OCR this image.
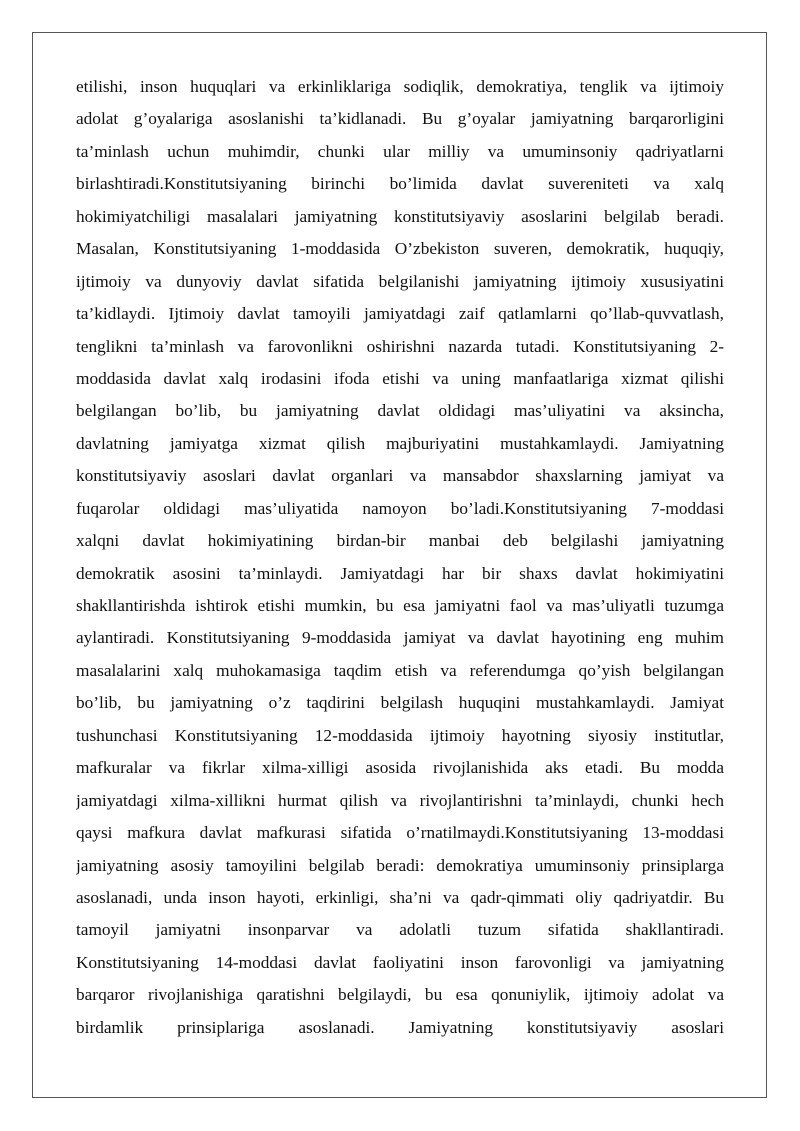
etilishi, inson huquqlari va erkinliklariga sodiqlik, demokratiya, tenglik va ijtimoiy
adolat g’oyalariga asoslanishi ta’kidlanadi. Bu g’oyalar jamiyatning barqarorligini
ta’minlash uchun muhimdir, chunki ular milliy va umuminsoniy qadriyatlarni
birlashtiradi.Konstitutsiyaning birinchi bo’limida davlat suvereniteti va xalq
hokimiyatchiligi masalalari jamiyatning konstitutsiyaviy asoslarini belgilab beradi.
Masalan, Konstitutsiyaning 1-moddasida O’zbekiston suveren, demokratik, huquqiy,
ijtimoiy va dunyoviy davlat sifatida belgilanishi jamiyatning ijtimoiy xususiyatini
ta’kidlaydi. Ijtimoiy davlat tamoyili jamiyatdagi zaif qatlamlarni qo’llab-quvvatlash,
tenglikni ta’minlash va farovonlikni oshirishni nazarda tutadi. Konstitutsiyaning 2-
moddasida davlat xalq irodasini ifoda etishi va uning manfaatlariga xizmat qilishi
belgilangan bo’lib, bu jamiyatning davlat oldidagi mas’uliyatini va aksincha,
davlatning jamiyatga xizmat qilish majburiyatini mustahkamlaydi. Jamiyatning
konstitutsiyaviy asoslari davlat organlari va mansabdor shaxslarning jamiyat va
fuqarolar oldidagi mas’uliyatida namoyon bo’ladi.Konstitutsiyaning 7-moddasi
xalqni davlat hokimiyatining birdan-bir manbai deb belgilashi jamiyatning
demokratik asosini ta’minlaydi. Jamiyatdagi har bir shaxs davlat hokimiyatini
shakllantirishda ishtirok etishi mumkin, bu esa jamiyatni faol va mas’uliyatli tuzumga
aylantiradi. Konstitutsiyaning 9-moddasida jamiyat va davlat hayotining eng muhim
masalalarini xalq muhokamasiga taqdim etish va referendumga qo’yish belgilangan
bo’lib, bu jamiyatning o’z taqdirini belgilash huquqini mustahkamlaydi. Jamiyat
tushunchasi Konstitutsiyaning 12-moddasida ijtimoiy hayotning siyosiy institutlar,
mafkuralar va fikrlar xilma-xilligi asosida rivojlanishida aks etadi. Bu modda
jamiyatdagi xilma-xillikni hurmat qilish va rivojlantirishni ta’minlaydi, chunki hech
qaysi mafkura davlat mafkurasi sifatida o’rnatilmaydi.Konstitutsiyaning 13-moddasi
jamiyatning asosiy tamoyilini belgilab beradi: demokratiya umuminsoniy prinsiplarga
asoslanadi, unda inson hayoti, erkinligi, sha’ni va qadr-qimmati oliy qadriyatdir. Bu
tamoyil jamiyatni insonparvar va adolatli tuzum sifatida shakllantiradi.
Konstitutsiyaning 14-moddasi davlat faoliyatini inson farovonligi va jamiyatning
barqaror rivojlanishiga qaratishni belgilaydi, bu esa qonuniylik, ijtimoiy adolat va
birdamlik prinsiplariga asoslanadi. Jamiyatning konstitutsiyaviy asoslari
